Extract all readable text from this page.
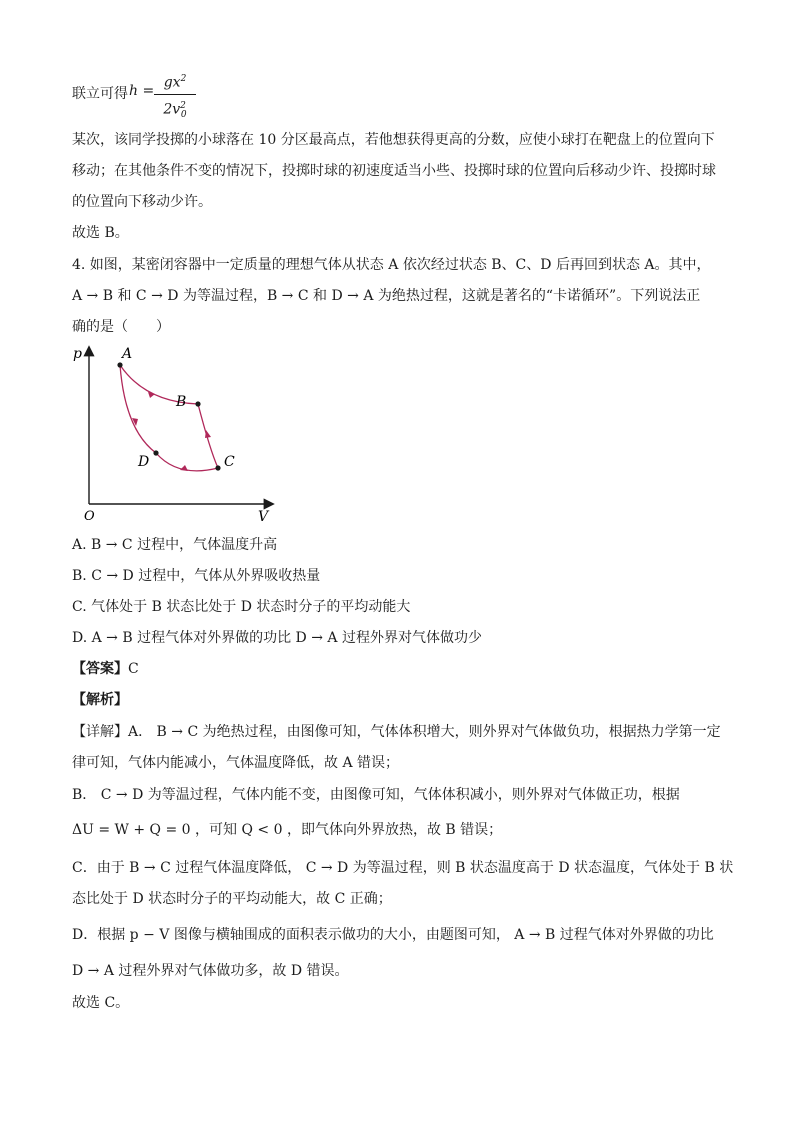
联立可得 h =
$gx^2$
$2v^2_0$
某次，该同学投掷的小球落在 10 分区最高点，若他想获得更高的分数，应使小球打在靶盘上的位置向下
移动；在其他条件不变的情况下，投掷时球的初速度适当小些、投掷时球的位置向后移动少许、投掷时球
的位置向下移动少许。
故选 B。
4. 如图，某密闭容器中一定质量的理想气体从状态 A 依次经过状态 B、C、D 后再回到状态 A。其中，
A → B 和 C → D 为等温过程，B → C 和 D → A 为绝热过程，这就是著名的“卡诺循环”。下列说法正
确的是（　　）
p
V
O
A
B
C
D
A. B → C 过程中，气体温度升高
B. C → D 过程中，气体从外界吸收热量
C. 气体处于 B 状态比处于 D 状态时分子的平均动能大
D. A → B 过程气体对外界做的功比 D → A 过程外界对气体做功少
【答案】C
【解析】
【详解】A． B → C 为绝热过程，由图像可知，气体体积增大，则外界对气体做负功，根据热力学第一定
律可知，气体内能减小，气体温度降低，故 A 错误；
B． C → D 为等温过程，气体内能不变，由图像可知，气体体积减小，则外界对气体做正功，根据
ΔU = W + Q = 0 ，可知 Q < 0 ，即气体向外界放热，故 B 错误；
C．由于 B → C 过程气体温度降低， C → D 为等温过程，则 B 状态温度高于 D 状态温度，气体处于 B 状
态比处于 D 状态时分子的平均动能大，故 C 正确；
D．根据 p − V 图像与横轴围成的面积表示做功的大小，由题图可知， A → B 过程气体对外界做的功比
D → A 过程外界对气体做功多，故 D 错误。
故选 C。
